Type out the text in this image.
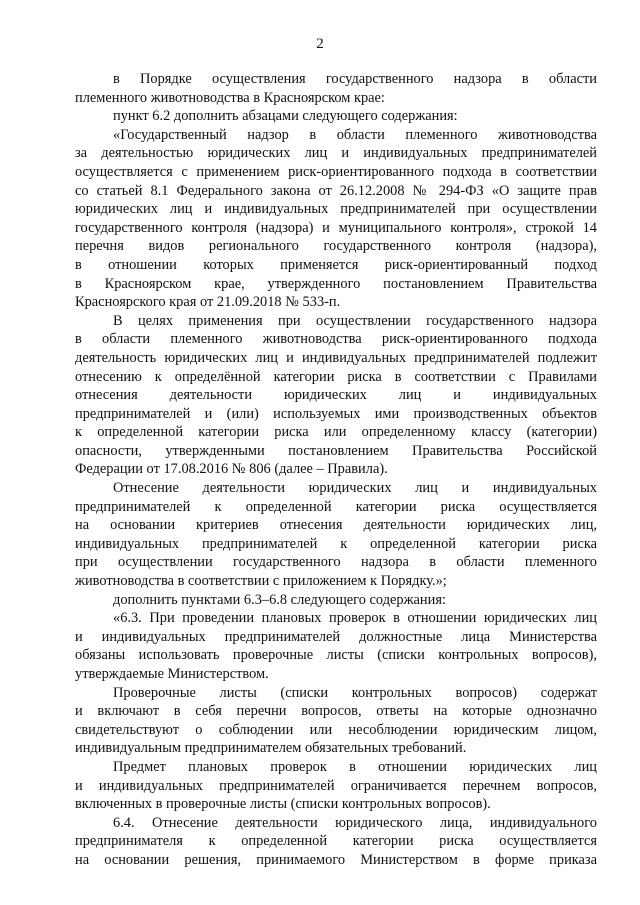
2
в Порядке осуществления государственного надзора в области
племенного животноводства в Красноярском крае:
пункт 6.2 дополнить абзацами следующего содержания:
«Государственный надзор в области племенного животноводства
за деятельностью юридических лиц и индивидуальных предпринимателей
осуществляется с применением риск-ориентированного подхода в соответствии
со статьей 8.1 Федерального закона от 26.12.2008 № 294-ФЗ «О защите прав
юридических лиц и индивидуальных предпринимателей при осуществлении
государственного контроля (надзора) и муниципального контроля», строкой 14
перечня видов регионального государственного контроля (надзора),
в отношении которых применяется риск-ориентированный подход
в Красноярском крае, утвержденного постановлением Правительства
Красноярского края от 21.09.2018 № 533-п.
В целях применения при осуществлении государственного надзора
в области племенного животноводства риск-ориентированного подхода
деятельность юридических лиц и индивидуальных предпринимателей подлежит
отнесению к определённой категории риска в соответствии с Правилами
отнесения деятельности юридических лиц и индивидуальных
предпринимателей и (или) используемых ими производственных объектов
к определенной категории риска или определенному классу (категории)
опасности, утвержденными постановлением Правительства Российской
Федерации от 17.08.2016 № 806 (далее – Правила).
Отнесение деятельности юридических лиц и индивидуальных
предпринимателей к определенной категории риска осуществляется
на основании критериев отнесения деятельности юридических лиц,
индивидуальных предпринимателей к определенной категории риска
при осуществлении государственного надзора в области племенного
животноводства в соответствии с приложением к Порядку.»;
дополнить пунктами 6.3–6.8 следующего содержания:
«6.3. При проведении плановых проверок в отношении юридических лиц
и индивидуальных предпринимателей должностные лица Министерства
обязаны использовать проверочные листы (списки контрольных вопросов),
утверждаемые Министерством.
Проверочные листы (списки контрольных вопросов) содержат
и включают в себя перечни вопросов, ответы на которые однозначно
свидетельствуют о соблюдении или несоблюдении юридическим лицом,
индивидуальным предпринимателем обязательных требований.
Предмет плановых проверок в отношении юридических лиц
и индивидуальных предпринимателей ограничивается перечнем вопросов,
включенных в проверочные листы (списки контрольных вопросов).
6.4. Отнесение деятельности юридического лица, индивидуального
предпринимателя к определенной категории риска осуществляется
на основании решения, принимаемого Министерством в форме приказа
